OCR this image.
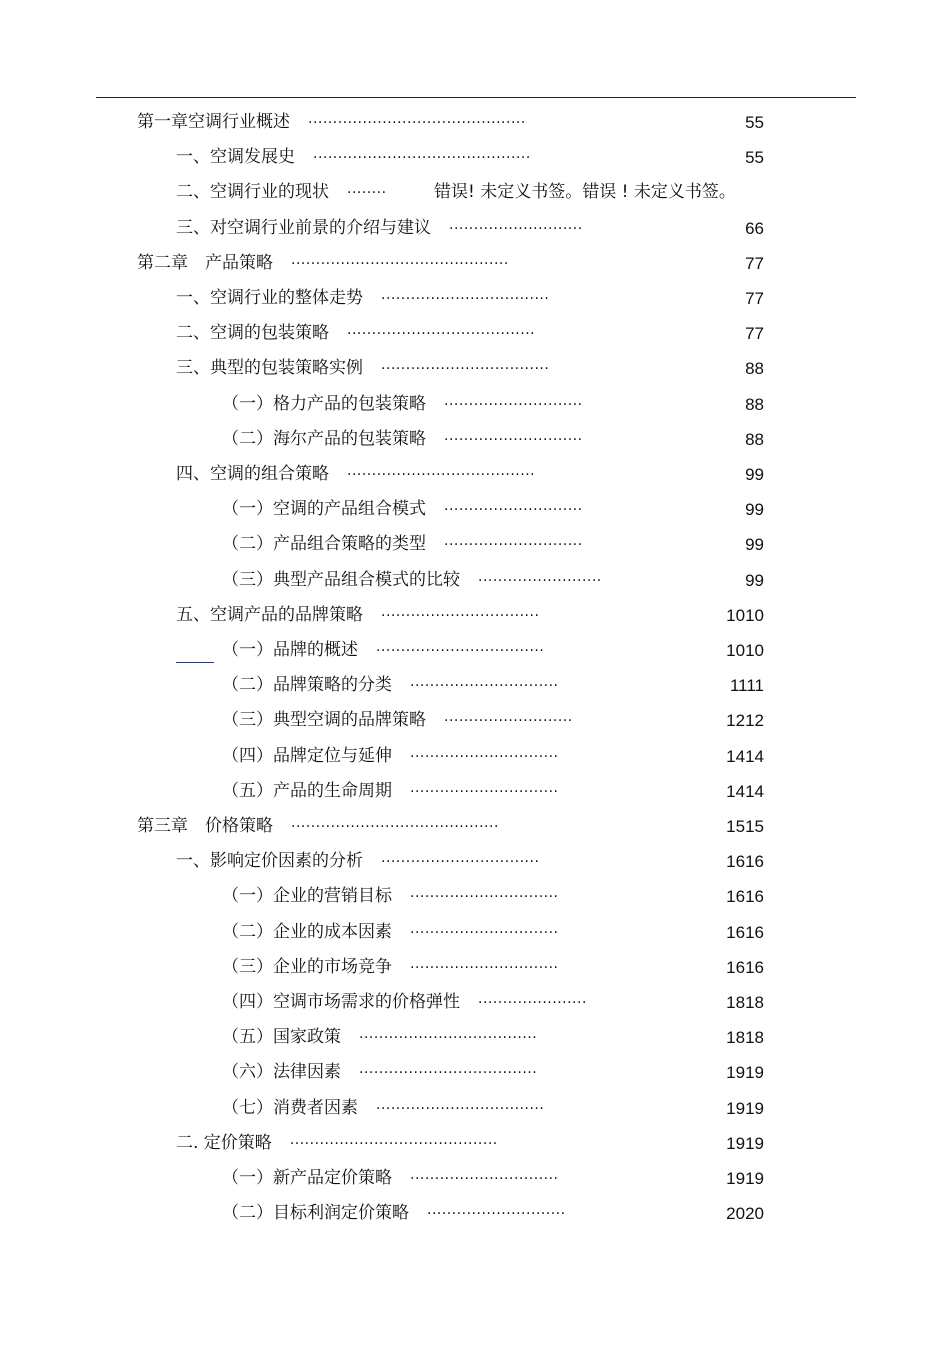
第一章空调行业概述 ............................................	55
一、空调发展史 ............................................	55
二、空调行业的现状 ........	错误! 未定义书签。错误 ! 未定义书签。
三、对空调行业前景的介绍与建议 ...........................	66
第二章　产品策略 ............................................	77
一、空调行业的整体走势 ..................................	77
二、空调的包装策略 ......................................	77
三、典型的包装策略实例 ..................................	88
（一）格力产品的包装策略 ............................	88
（二）海尔产品的包装策略 ............................	88
四、空调的组合策略 ......................................	99
（一）空调的产品组合模式 ............................	99
（二）产品组合策略的类型 ............................	99
（三）典型产品组合模式的比较 .........................	99
五、空调产品的品牌策略 ................................	1010
（一）品牌的概述 ..................................	1010
（二）品牌策略的分类 ..............................	1111
（三）典型空调的品牌策略 ..........................	1212
（四）品牌定位与延伸 ..............................	1414
（五）产品的生命周期 ..............................	1414
第三章　价格策略 ..........................................	1515
一、影响定价因素的分析 ................................	1616
（一）企业的营销目标 ..............................	1616
（二）企业的成本因素 ..............................	1616
（三）企业的市场竞争 ..............................	1616
（四）空调市场需求的价格弹性 ......................	1818
（五）国家政策 ....................................	1818
（六）法律因素 ....................................	1919
（七）消费者因素 ..................................	1919
二. 定价策略 ..........................................	1919
（一）新产品定价策略 ..............................	1919
（二）目标利润定价策略 ............................	2020
